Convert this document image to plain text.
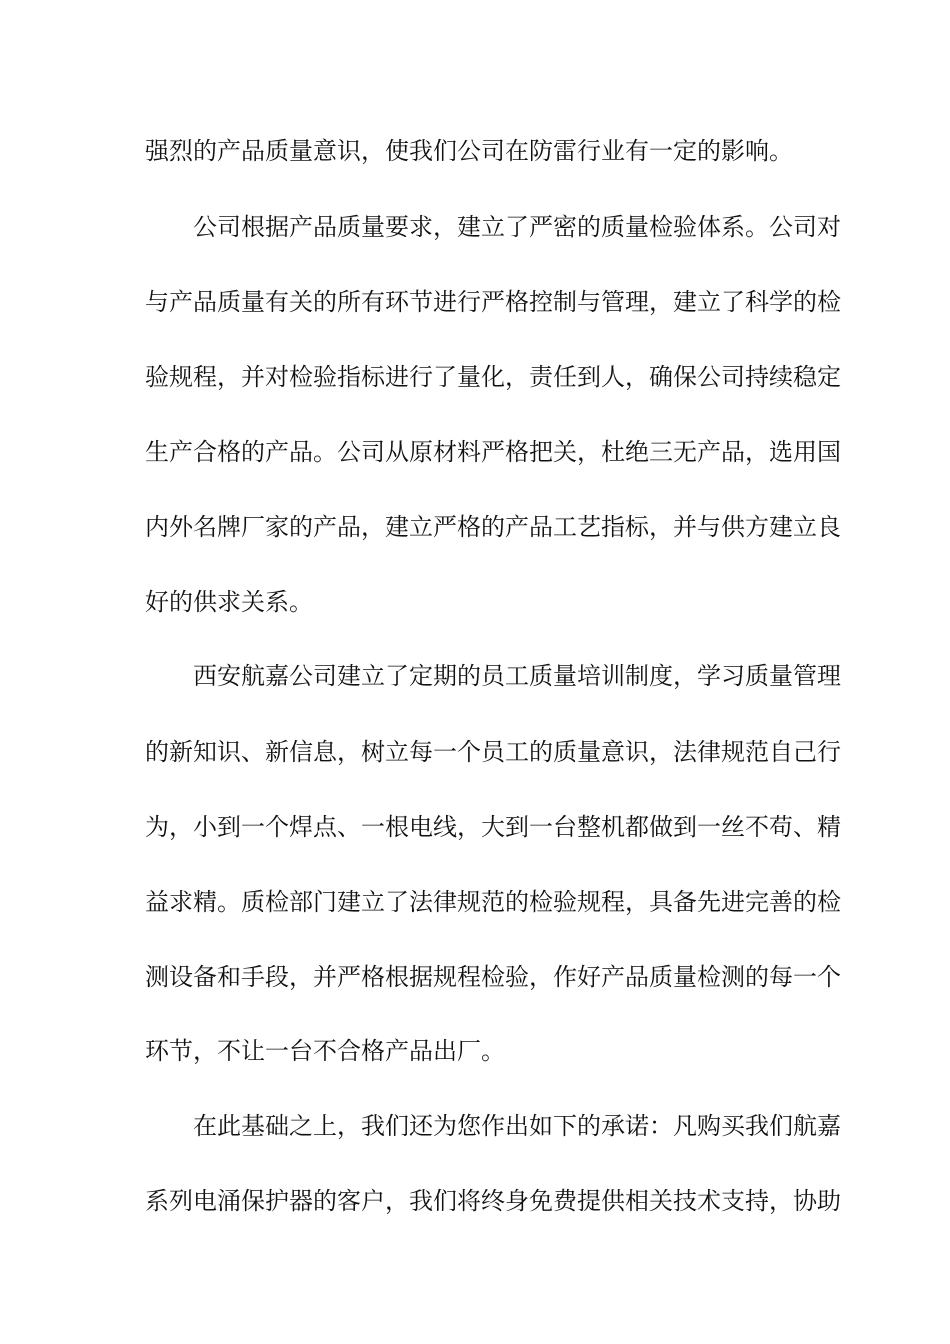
强烈的产品质量意识，使我们公司在防雷行业有一定的影响。
公司根据产品质量要求，建立了严密的质量检验体系。公司对
与产品质量有关的所有环节进行严格控制与管理，建立了科学的检
验规程，并对检验指标进行了量化，责任到人，确保公司持续稳定
生产合格的产品。公司从原材料严格把关，杜绝三无产品，选用国
内外名牌厂家的产品，建立严格的产品工艺指标，并与供方建立良
好的供求关系。
西安航嘉公司建立了定期的员工质量培训制度，学习质量管理
的新知识、新信息，树立每一个员工的质量意识，法律规范自己行
为，小到一个焊点、一根电线，大到一台整机都做到一丝不苟、精
益求精。质检部门建立了法律规范的检验规程，具备先进完善的检
测设备和手段，并严格根据规程检验，作好产品质量检测的每一个
环节，不让一台不合格产品出厂。
在此基础之上，我们还为您作出如下的承诺：凡购买我们航嘉
系列电涌保护器的客户，我们将终身免费提供相关技术支持，协助
